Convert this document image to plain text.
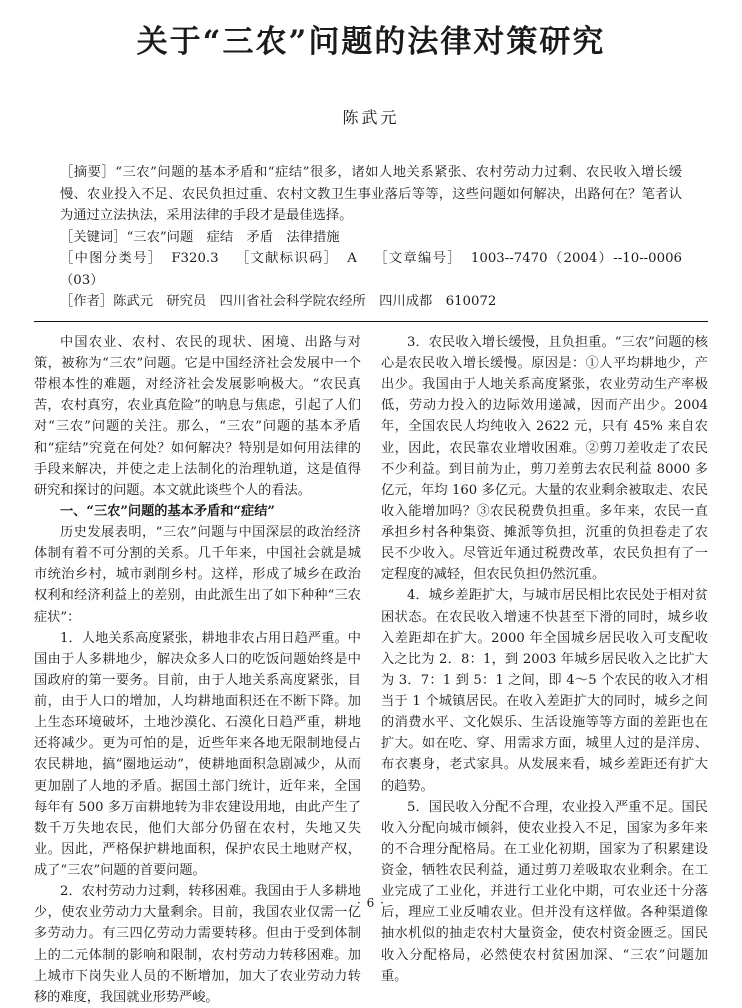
关于“三农”问题的法律对策研究
陈武元

［摘要］“三农”问题的基本矛盾和“症结”很多，诸如人地关系紧张、农村劳动力过剩、农民收入增长缓慢、农业投入不足、农民负担过重、农村文教卫生事业落后等等，这些问题如何解决，出路何在？笔者认为通过立法执法，采用法律的手段才是最佳选择。

［关键词］“三农”问题　症结　矛盾　法律措施

［中图分类号］ F320.3 ［文献标识码］ A ［文章编号］ 1003--7470（2004）--10--0006（03）

［作者］陈武元　研究员　四川省社会科学院农经所　四川成都　610072

中国农业、农村、农民的现状、困境、出路与对策，被称为“三农”问题。它是中国经济社会发展中一个带根本性的难题，对经济社会发展影响极大。“农民真苦，农村真穷，农业真危险”的呐息与焦虑，引起了人们对“三农”问题的关注。那么，“三农”问题的基本矛盾和“症结”究竟在何处？如何解决？特别是如何用法律的手段来解决，并使之走上法制化的治理轨道，这是值得研究和探讨的问题。本文就此谈些个人的看法。

一、“三农”问题的基本矛盾和“症结”

历史发展表明，“三农”问题与中国深层的政治经济体制有着不可分割的关系。几千年来，中国社会就是城市统治乡村，城市剥削乡村。这样，形成了城乡在政治权利和经济利益上的差别，由此派生出了如下种种“三农症状”：

1．人地关系高度紧张，耕地非农占用日趋严重。中国由于人多耕地少，解决众多人口的吃饭问题始终是中国政府的第一要务。目前，由于人地关系高度紧张，目前，由于人口的增加，人均耕地面积还在不断下降。加上生态环境破坏，土地沙漠化、石漠化日趋严重，耕地还将减少。更为可怕的是，近些年来各地无限制地侵占农民耕地，搞“圈地运动”，使耕地面积急剧减少，从而更加剧了人地的矛盾。据国土部门统计，近年来，全国每年有 500 多万亩耕地转为非农建设用地，由此产生了数千万失地农民，他们大部分仍留在农村，失地又失业。因此，严格保护耕地面积，保护农民土地财产权，成了“三农”问题的首要问题。

2．农村劳动力过剩，转移困难。我国由于人多耕地少，使农业劳动力大量剩余。目前，我国农业仅需一亿多劳动力。有三四亿劳动力需要转移。但由于受到体制上的二元体制的影响和限制，农村劳动力转移困难。加上城市下岗失业人员的不断增加，加大了农业劳动力转移的难度，我国就业形势严峻。

3．农民收入增长缓慢，且负担重。“三农”问题的核心是农民收入增长缓慢。原因是：①人平均耕地少，产出少。我国由于人地关系高度紧张，农业劳动生产率极低，劳动力投入的边际效用递减，因而产出少。2004 年，全国农民人均纯收入 2622 元，只有 45% 来自农业，因此，农民靠农业增收困难。②剪刀差收走了农民不少利益。到目前为止，剪刀差剪去农民利益 8000 多亿元，年均 160 多亿元。大量的农业剩余被取走、农民收入能增加吗？③农民税费负担重。多年来，农民一直承担乡村各种集资、摊派等负担，沉重的负担卷走了农民不少收入。尽管近年通过税费改革，农民负担有了一定程度的减轻，但农民负担仍然沉重。

4．城乡差距扩大，与城市居民相比农民处于相对贫困状态。在农民收入增速不快甚至下滑的同时，城乡收入差距却在扩大。2000 年全国城乡居民收入可支配收入之比为 2．8：1，到 2003 年城乡居民收入之比扩大为 3．7：1 到 5：1 之间，即 4～5 个农民的收入才相当于 1 个城镇居民。在收入差距扩大的同时，城乡之间的消费水平、文化娱乐、生活设施等等方面的差距也在扩大。如在吃、穿、用需求方面，城里人过的是洋房、布衣裹身，老式家具。从发展来看，城乡差距还有扩大的趋势。

5．国民收入分配不合理，农业投入严重不足。国民收入分配向城市倾斜，使农业投入不足，国家为多年来的不合理分配格局。在工业化初期，国家为了积累建设资金，牺牲农民利益，通过剪刀差吸取农业剩余。在工业完成了工业化，并进行工业化中期，可农业还十分落后，理应工业反哺农业。但并没有这样做。各种渠道像抽水机似的抽走农村大量资金，使农村资金匮乏。国民收入分配格局，必然使农村贫困加深、“三农”问题加重。

· 6 ·
